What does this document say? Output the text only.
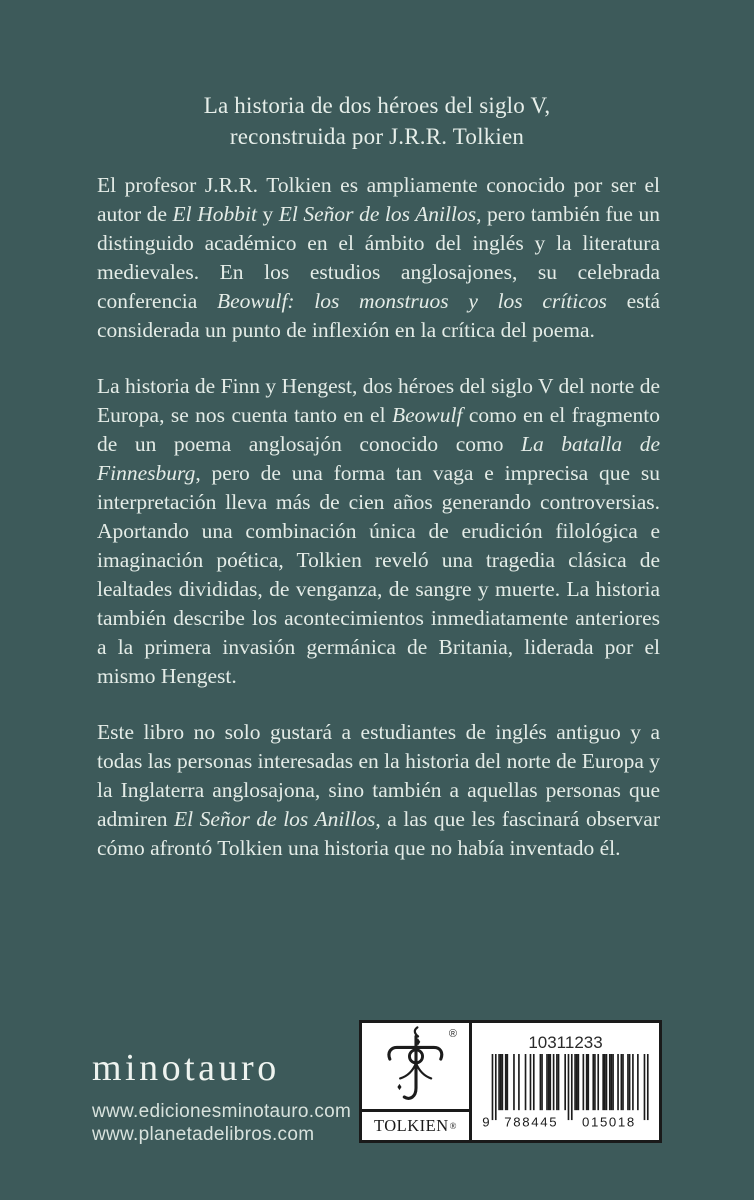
La historia de dos héroes del siglo V,
reconstruida por J.R.R. Tolkien

El profesor J.R.R. Tolkien es ampliamente conocido por ser el autor de El Hobbit y El Señor de los Anillos, pero también fue un distinguido académico en el ámbito del inglés y la literatura medievales. En los estudios anglosajones, su celebrada conferencia Beowulf: los monstruos y los críticos está considerada un punto de inflexión en la crítica del poema.

La historia de Finn y Hengest, dos héroes del siglo V del norte de Europa, se nos cuenta tanto en el Beowulf como en el fragmento de un poema anglosajón conocido como La batalla de Finnesburg, pero de una forma tan vaga e imprecisa que su interpretación lleva más de cien años generando controversias. Aportando una combinación única de erudición filológica e imaginación poética, Tolkien reveló una tragedia clásica de lealtades divididas, de venganza, de sangre y muerte. La historia también describe los acontecimientos inmediatamente anteriores a la primera invasión germánica de Britania, liderada por el mismo Hengest.

Este libro no solo gustará a estudiantes de inglés antiguo y a todas las personas interesadas en la historia del norte de Europa y la Inglaterra anglosajona, sino también a aquellas personas que admiren El Señor de los Anillos, a las que les fascinará observar cómo afrontó Tolkien una historia que no había inventado él.

minotauro
www.edicionesminotauro.com
www.planetadelibros.com
®
TOLKIEN ®
10311233
9 788445 015018
